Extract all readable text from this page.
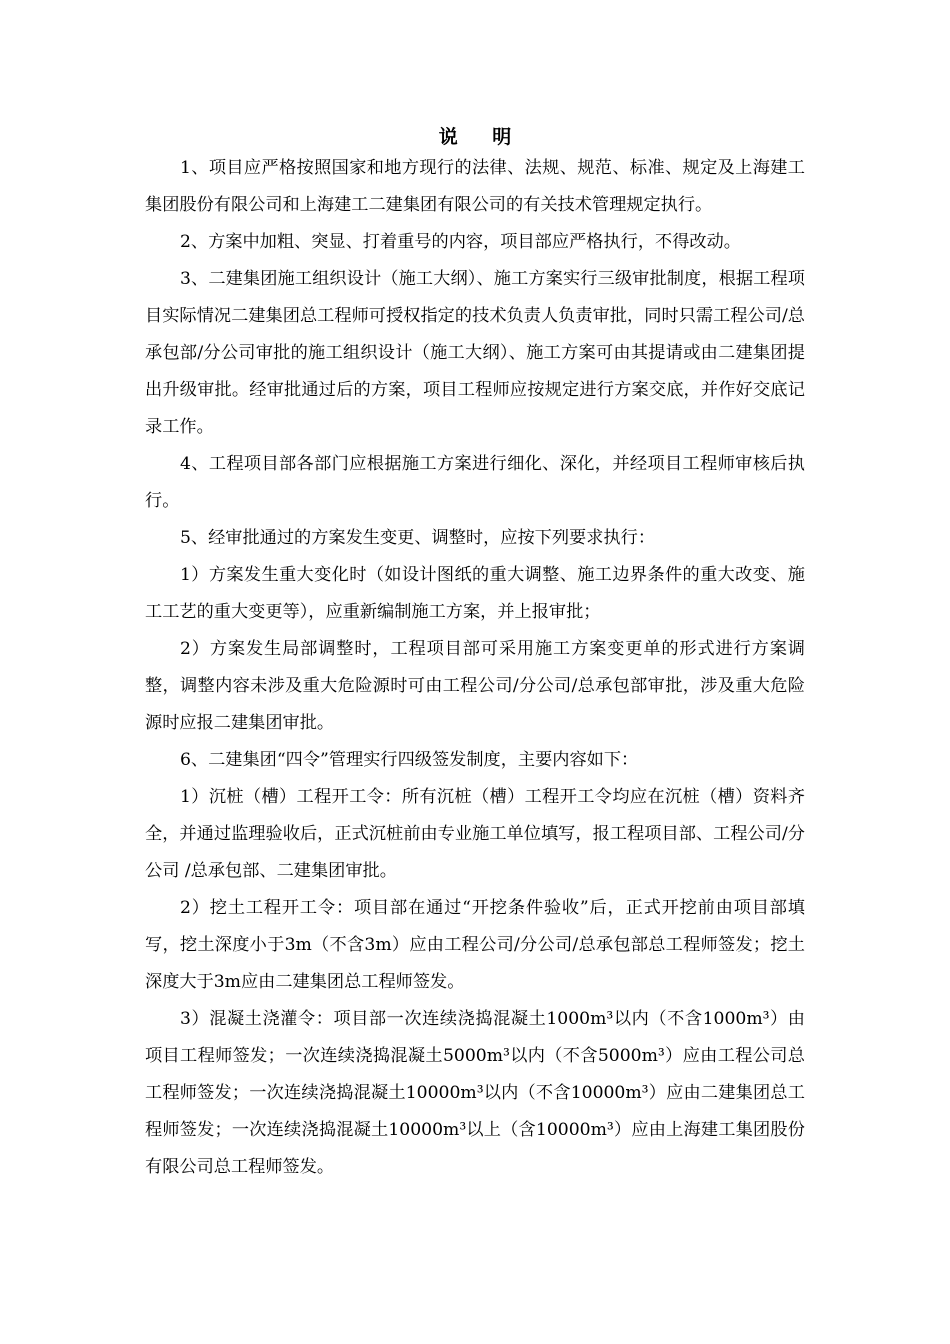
说 明

1、项目应严格按照国家和地方现行的法律、法规、规范、标准、规定及上海建工集团股份有限公司和上海建工二建集团有限公司的有关技术管理规定执行。

2、方案中加粗、突显、打着重号的内容，项目部应严格执行，不得改动。

3、二建集团施工组织设计（施工大纲）、施工方案实行三级审批制度，根据工程项目实际情况二建集团总工程师可授权指定的技术负责人负责审批，同时只需工程公司/总承包部/分公司审批的施工组织设计（施工大纲）、施工方案可由其提请或由二建集团提出升级审批。经审批通过后的方案，项目工程师应按规定进行方案交底，并作好交底记录工作。

4、工程项目部各部门应根据施工方案进行细化、深化，并经项目工程师审核后执行。

5、经审批通过的方案发生变更、调整时，应按下列要求执行：

1）方案发生重大变化时（如设计图纸的重大调整、施工边界条件的重大改变、施工工艺的重大变更等），应重新编制施工方案，并上报审批；

2）方案发生局部调整时，工程项目部可采用施工方案变更单的形式进行方案调整，调整内容未涉及重大危险源时可由工程公司/分公司/总承包部审批，涉及重大危险源时应报二建集团审批。

6、二建集团“四令”管理实行四级签发制度，主要内容如下：

1）沉桩（槽）工程开工令：所有沉桩（槽）工程开工令均应在沉桩（槽）资料齐全，并通过监理验收后，正式沉桩前由专业施工单位填写，报工程项目部、工程公司/分公司 /总承包部、二建集团审批。

2）挖土工程开工令：项目部在通过“开挖条件验收”后，正式开挖前由项目部填写，挖土深度小于3m（不含3m）应由工程公司/分公司/总承包部总工程师签发；挖土深度大于3m应由二建集团总工程师签发。

3）混凝土浇灌令：项目部一次连续浇捣混凝土1000m³以内（不含1000m³）由项目工程师签发；一次连续浇捣混凝土5000m³以内（不含5000m³）应由工程公司总工程师签发；一次连续浇捣混凝土10000m³以内（不含10000m³）应由二建集团总工程师签发；一次连续浇捣混凝土10000m³以上（含10000m³）应由上海建工集团股份有限公司总工程师签发。
